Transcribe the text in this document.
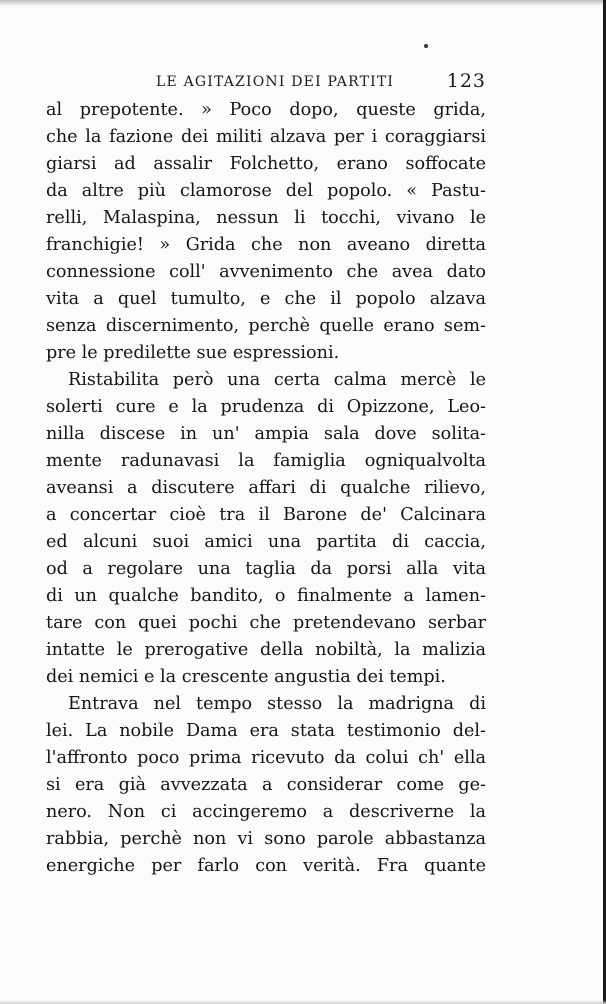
LE AGITAZIONI DEI PARTITI	123
al prepotente. » Poco dopo, queste grida,
che la fazione dei militi alzava per i coraggiarsi
giarsi ad assalir Folchetto, erano soffocate
da altre più clamorose del popolo. « Pastu-
relli, Malaspina, nessun li tocchi, vivano le
franchigie! » Grida che non aveano diretta
connessione coll' avvenimento che avea dato
vita a quel tumulto, e che il popolo alzava
senza discernimento, perchè quelle erano sem-
pre le predilette sue espressioni.
Ristabilita però una certa calma mercè le
solerti cure e la prudenza di Opizzone, Leo-
nilla discese in un' ampia sala dove solita-
mente radunavasi la famiglia ogniqualvolta
aveansi a discutere affari di qualche rilievo,
a concertar cioè tra il Barone de' Calcinara
ed alcuni suoi amici una partita di caccia,
od a regolare una taglia da porsi alla vita
di un qualche bandito, o finalmente a lamen-
tare con quei pochi che pretendevano serbar
intatte le prerogative della nobiltà, la malizia
dei nemici e la crescente angustia dei tempi.
Entrava nel tempo stesso la madrigna di
lei. La nobile Dama era stata testimonio del-
l'affronto poco prima ricevuto da colui ch' ella
si era già avvezzata a considerar come ge-
nero. Non ci accingeremo a descriverne la
rabbia, perchè non vi sono parole abbastanza
energiche per farlo con verità. Fra quante
